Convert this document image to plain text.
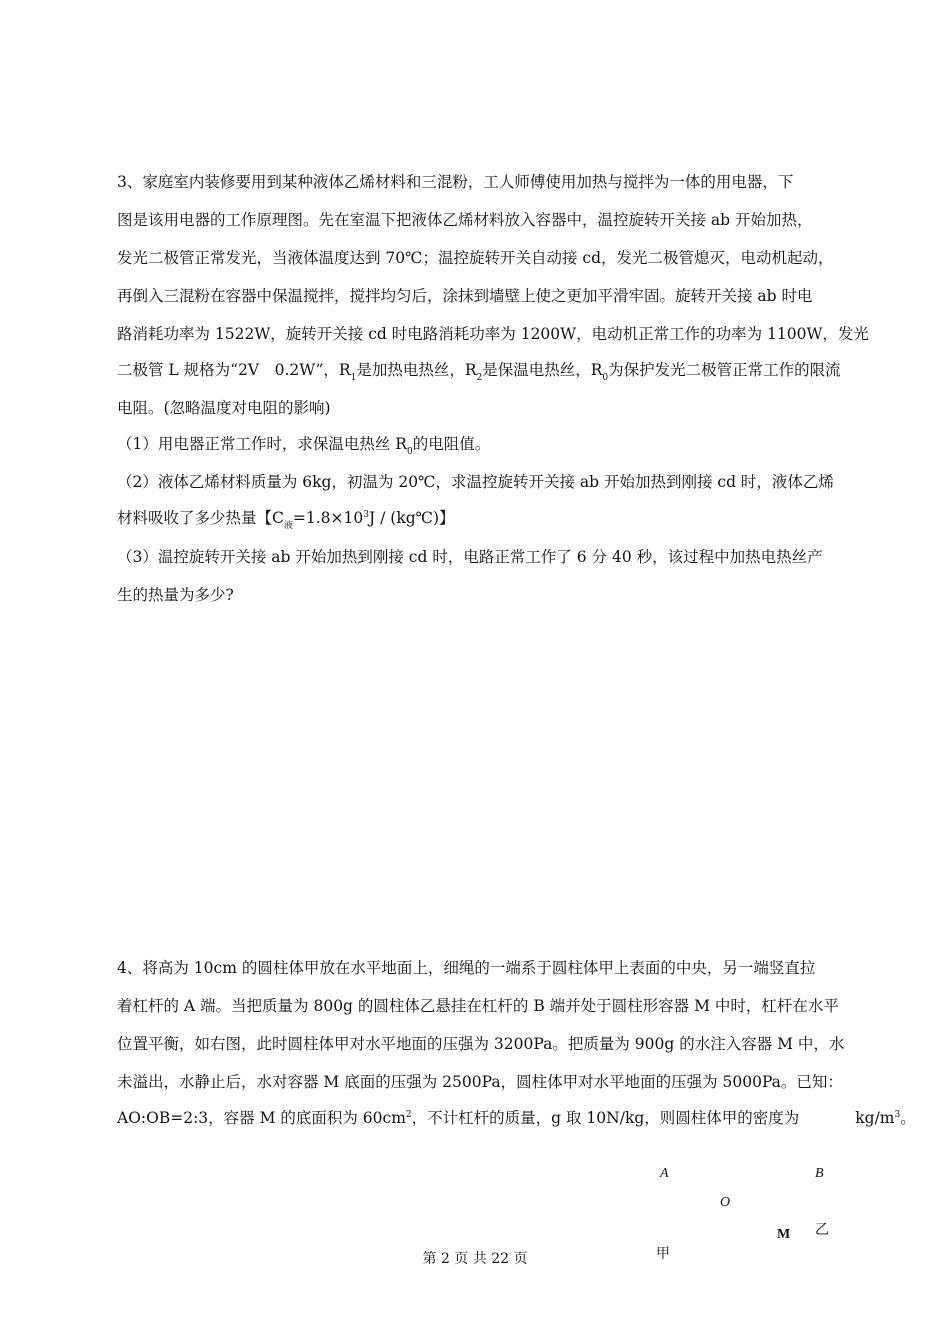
3、家庭室内装修要用到某种液体乙烯材料和三混粉，工人师傅使用加热与搅拌为一体的用电器，下
图是该用电器的工作原理图。先在室温下把液体乙烯材料放入容器中，温控旋转开关接 ab 开始加热，
发光二极管正常发光，当液体温度达到 70℃；温控旋转开关自动接 cd，发光二极管熄灭，电动机起动，
再倒入三混粉在容器中保温搅拌，搅拌均匀后，涂抹到墙壁上使之更加平滑牢固。旋转开关接 ab 时电
路消耗功率为 1522W，旋转开关接 cd 时电路消耗功率为 1200W，电动机正常工作的功率为 1100W，发光
二极管 L 规格为“2V　0.2W”，$R_1$是加热电热丝，$R_2$是保温电热丝，$R_0$为保护发光二极管正常工作的限流
电阻。(忽略温度对电阻的影响)
（1）用电器正常工作时，求保温电热丝 $R_0$的电阻值。
（2）液体乙烯材料质量为 6kg，初温为 20℃，求温控旋转开关接 ab 开始加热到刚接 cd 时，液体乙烯
材料吸收了多少热量【$C_液=1.8\times 10^3J$ / (kg℃)】
（3）温控旋转开关接 ab 开始加热到刚接 cd 时，电路正常工作了 6 分 40 秒，该过程中加热电热丝产
生的热量为多少?
4、将高为 10cm 的圆柱体甲放在水平地面上，细绳的一端系于圆柱体甲上表面的中央，另一端竖直拉
着杠杆的 A 端。当把质量为 800g 的圆柱体乙悬挂在杠杆的 B 端并处于圆柱形容器 M 中时，杠杆在水平
位置平衡，如右图，此时圆柱体甲对水平地面的压强为 3200Pa。把质量为 900g 的水注入容器 M 中，水
未溢出，水静止后，水对容器 M 底面的压强为 2500Pa，圆柱体甲对水平地面的压强为 5000Pa。已知：
AO:OB=2:3，容器 M 的底面积为 $60cm^2$，不计杠杆的质量，g 取 10N/kg，则圆柱体甲的密度为	$kg/m^3$。
A	B
O
M 乙
甲
第 2 页 共 22 页
